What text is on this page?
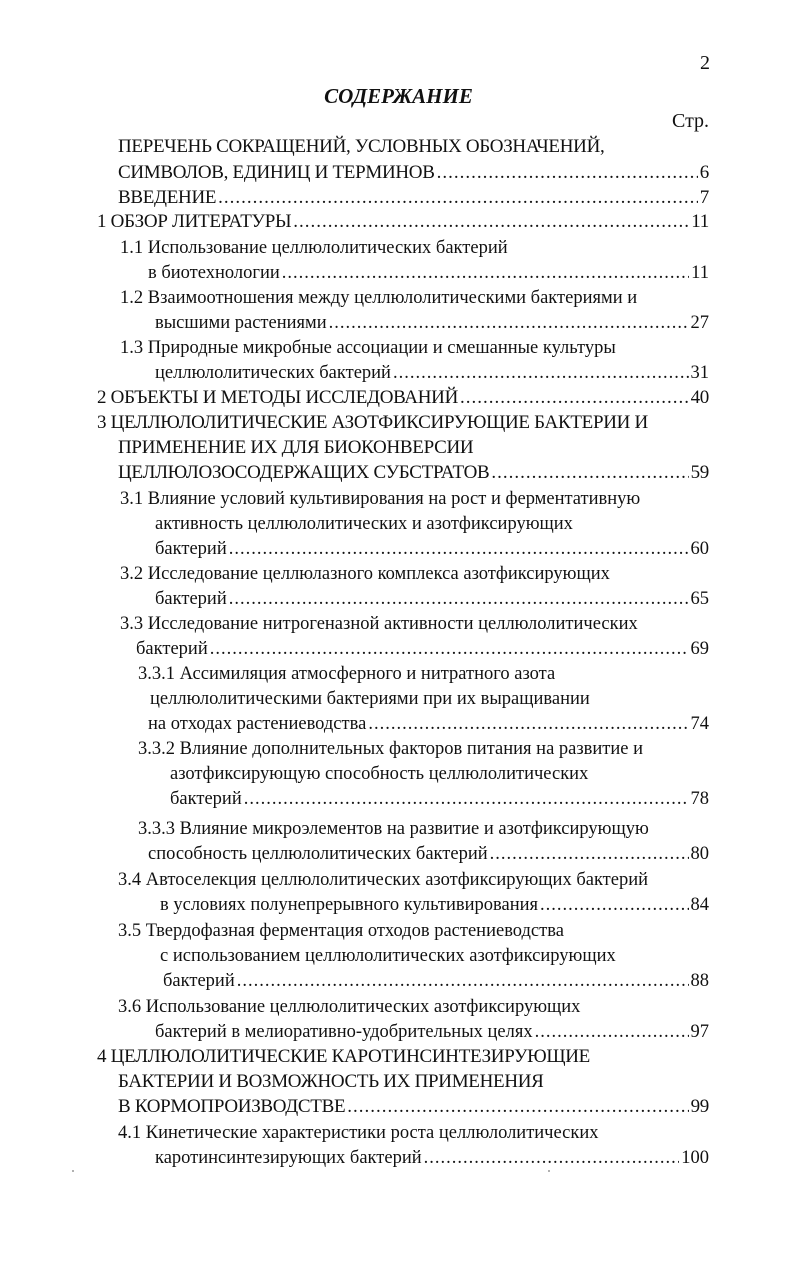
2
СОДЕРЖАНИЕ
Стр.
ПЕРЕЧЕНЬ СОКРАЩЕНИЙ, УСЛОВНЫХ ОБОЗНАЧЕНИЙ,
СИМВОЛОВ, ЕДИНИЦ И ТЕРМИНОВ .....	6
ВВЕДЕНИЕ .....	7
1 ОБЗОР ЛИТЕРАТУРЫ .....	11
1.1 Использование целлюлолитических бактерий
в биотехнологии .....	11
1.2 Взаимоотношения между целлюлолитическими бактериями и
высшими растениями .....	27
1.3 Природные микробные ассоциации и смешанные культуры
целлюлолитических бактерий .....	31
2 ОБЪЕКТЫ И МЕТОДЫ ИССЛЕДОВАНИЙ .....	40
3 ЦЕЛЛЮЛОЛИТИЧЕСКИЕ АЗОТФИКСИРУЮЩИЕ БАКТЕРИИ И
ПРИМЕНЕНИЕ ИХ ДЛЯ БИОКОНВЕРСИИ
ЦЕЛЛЮЛОЗОСОДЕРЖАЩИХ СУБСТРАТОВ .....	59
3.1 Влияние условий культивирования на рост и ферментативную
активность целлюлолитических и азотфиксирующих
бактерий .....	60
3.2 Исследование целлюлазного комплекса азотфиксирующих
бактерий .....	65
3.3 Исследование нитрогеназной активности целлюлолитических
бактерий .....	69
3.3.1 Ассимиляция атмосферного и нитратного азота
целлюлолитическими бактериями при их выращивании
на отходах растениеводства .....	74
3.3.2 Влияние дополнительных факторов питания на развитие и
азотфиксирующую способность целлюлолитических
бактерий .....	78
3.3.3 Влияние микроэлементов на развитие и азотфиксирующую
способность целлюлолитических бактерий .....	80
3.4 Автоселекция целлюлолитических азотфиксирующих бактерий
в условиях полунепрерывного культивирования .....	84
3.5 Твердофазная ферментация отходов растениеводства
с использованием целлюлолитических азотфиксирующих
бактерий .....	88
3.6 Использование целлюлолитических азотфиксирующих
бактерий в мелиоративно-удобрительных целях .....	97
4 ЦЕЛЛЮЛОЛИТИЧЕСКИЕ КАРОТИНСИНТЕЗИРУЮЩИЕ
БАКТЕРИИ И ВОЗМОЖНОСТЬ ИХ ПРИМЕНЕНИЯ
В КОРМОПРОИЗВОДСТВЕ .....	99
4.1 Кинетические характеристики роста целлюлолитических
каротинсинтезирующих бактерий .....	100
